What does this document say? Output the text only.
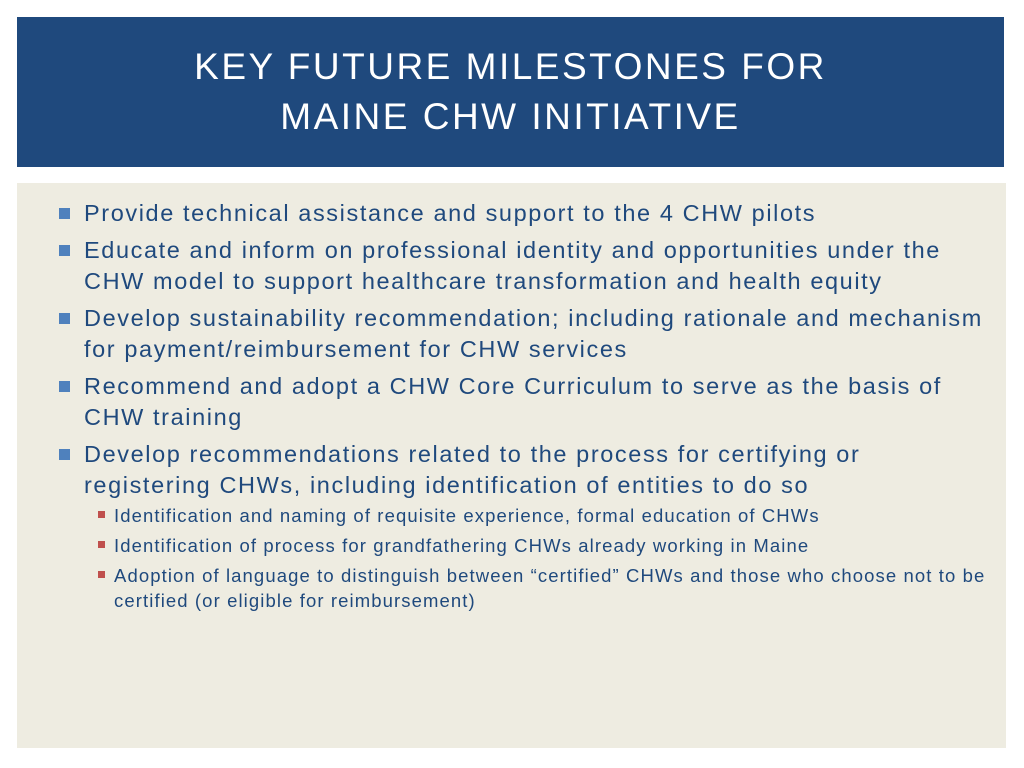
KEY FUTURE MILESTONES FOR
MAINE CHW INITIATIVE
Provide technical assistance and support to the 4 CHW pilots
Educate and inform on professional identity and opportunities under the CHW model to support healthcare transformation and health equity
Develop sustainability recommendation; including rationale and mechanism for payment/reimbursement for CHW services
Recommend and adopt a CHW Core Curriculum to serve as the basis of CHW training
Develop recommendations related to the process for certifying or registering CHWs, including identification of entities to do so
Identification and naming of requisite experience, formal education of CHWs
Identification of process for grandfathering CHWs already working in Maine
Adoption of language to distinguish between “certified” CHWs and those who choose not to be certified (or eligible for reimbursement)
